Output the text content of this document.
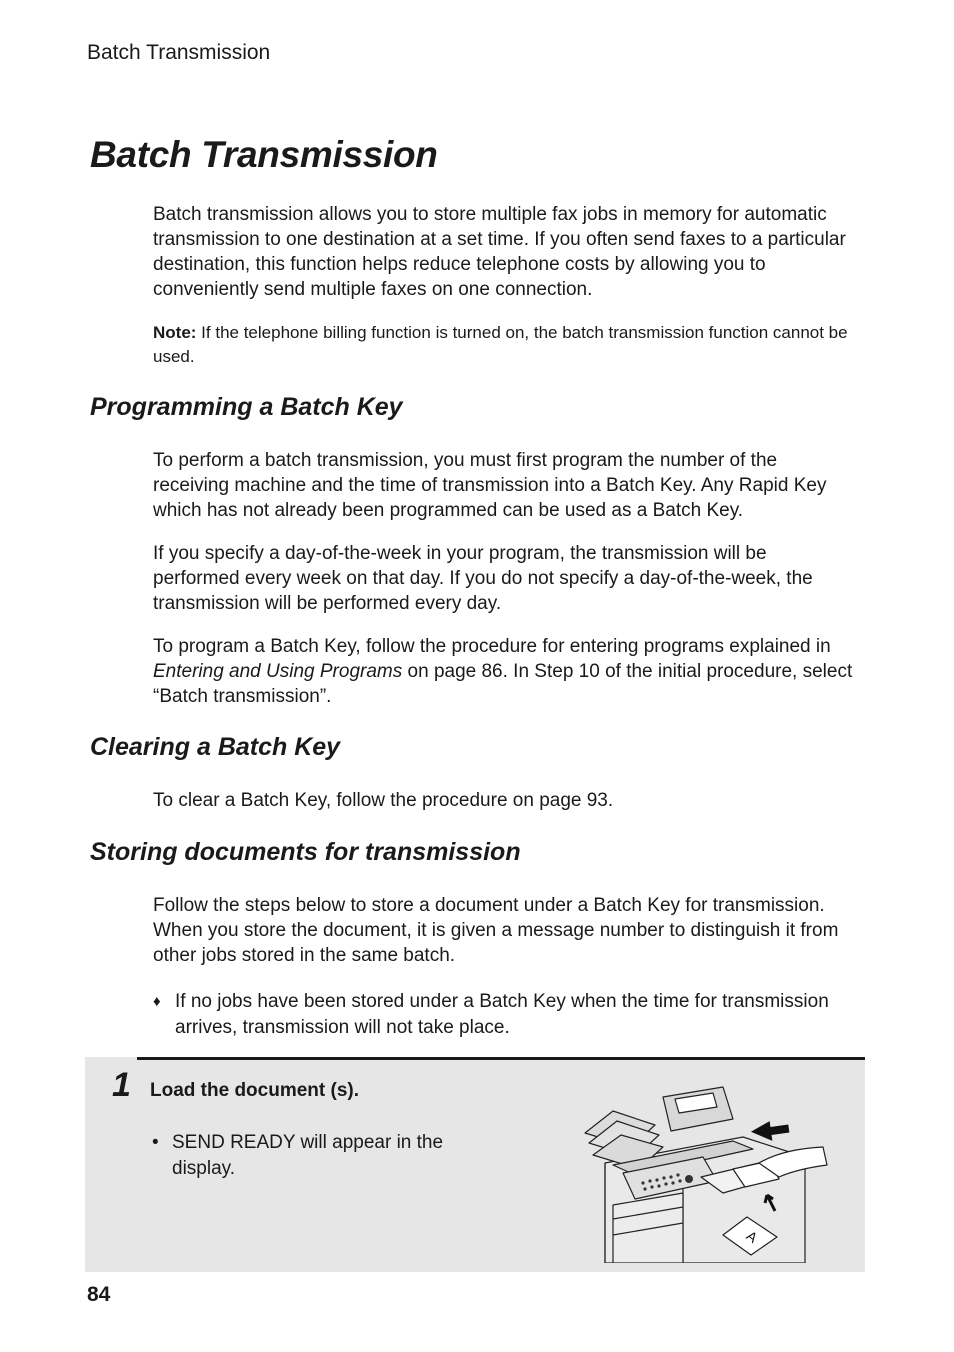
Batch Transmission
Batch Transmission

Batch transmission allows you to store multiple fax jobs in memory for automatic transmission to one destination at a set time. If you often send faxes to a particular destination, this function helps reduce telephone costs by allowing you to conveniently send multiple faxes on one connection.

Note: If the telephone billing function is turned on, the batch transmission function cannot be used.

Programming a Batch Key

To perform a batch transmission, you must first program the number of the receiving machine and the time of transmission into a Batch Key. Any Rapid Key which has not already been programmed can be used as a Batch Key.

If you specify a day-of-the-week in your program, the transmission will be performed every week on that day. If you do not specify a day-of-the-week, the transmission will be performed every day.

To program a Batch Key, follow the procedure for entering programs explained in Entering and Using Programs on page 86. In Step 10 of the initial procedure, select “Batch transmission”.

Clearing a Batch Key

To clear a Batch Key, follow the procedure on page 93.

Storing documents for transmission

Follow the steps below to store a document under a Batch Key for transmission. When you store the document, it is given a message number to distinguish it from other jobs stored in the same batch.

♦ If no jobs have been stored under a Batch Key when the time for transmission arrives, transmission will not take place.
1 Load the document (s).
• SEND READY will appear in the display.
A
84
